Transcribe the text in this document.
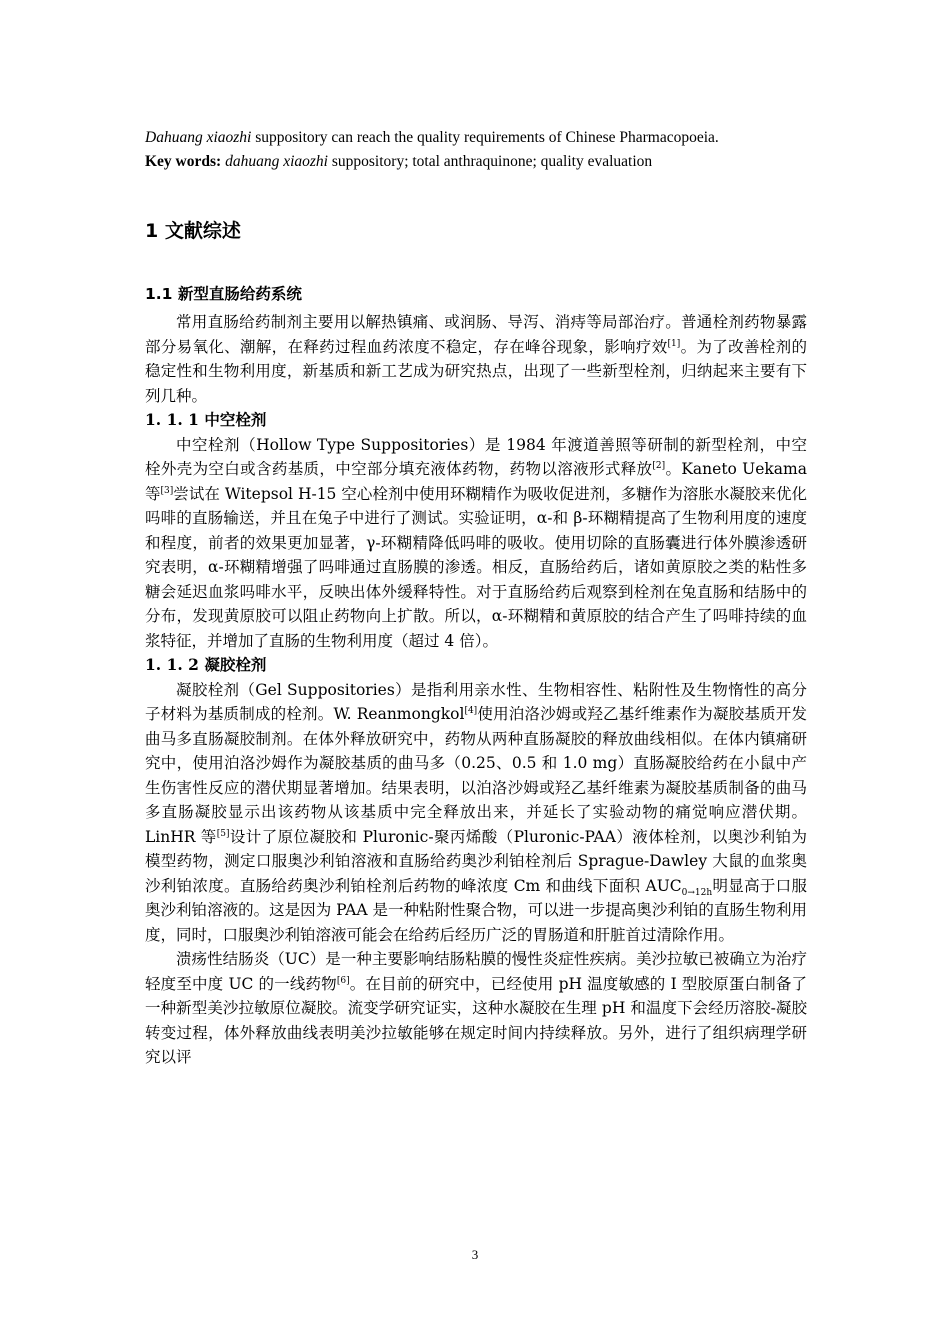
Dahuang xiaozhi suppository can reach the quality requirements of Chinese Pharmacopoeia.
Key words: dahuang xiaozhi suppository; total anthraquinone; quality evaluation
1 文献综述
1.1 新型直肠给药系统

常用直肠给药制剂主要用以解热镇痛、或润肠、导泻、消痔等局部治疗。普通栓剂药物暴露部分易氧化、潮解，在释药过程血药浓度不稳定，存在峰谷现象，影响疗效[1]。为了改善栓剂的稳定性和生物利用度，新基质和新工艺成为研究热点，出现了一些新型栓剂，归纳起来主要有下列几种。

1. 1. 1 中空栓剂

中空栓剂（Hollow Type Suppositories）是 1984 年渡道善照等研制的新型栓剂，中空栓外壳为空白或含药基质，中空部分填充液体药物，药物以溶液形式释放[2]。Kaneto Uekama 等[3]尝试在 Witepsol H-15 空心栓剂中使用环糊精作为吸收促进剂，多糖作为溶胀水凝胶来优化吗啡的直肠输送，并且在兔子中进行了测试。实验证明，α-和 β-环糊精提高了生物利用度的速度和程度，前者的效果更加显著，γ-环糊精降低吗啡的吸收。使用切除的直肠囊进行体外膜渗透研究表明，α-环糊精增强了吗啡通过直肠膜的渗透。相反，直肠给药后，诸如黄原胶之类的粘性多糖会延迟血浆吗啡水平，反映出体外缓释特性。对于直肠给药后观察到栓剂在兔直肠和结肠中的分布，发现黄原胶可以阻止药物向上扩散。所以，α-环糊精和黄原胶的结合产生了吗啡持续的血浆特征，并增加了直肠的生物利用度（超过 4 倍）。

1. 1. 2 凝胶栓剂

凝胶栓剂（Gel Suppositories）是指利用亲水性、生物相容性、粘附性及生物惰性的高分子材料为基质制成的栓剂。W. Reanmongkol[4]使用泊洛沙姆或羟乙基纤维素作为凝胶基质开发曲马多直肠凝胶制剂。在体外释放研究中，药物从两种直肠凝胶的释放曲线相似。在体内镇痛研究中，使用泊洛沙姆作为凝胶基质的曲马多（0.25、0.5 和 1.0 mg）直肠凝胶给药在小鼠中产生伤害性反应的潜伏期显著增加。结果表明，以泊洛沙姆或羟乙基纤维素为凝胶基质制备的曲马多直肠凝胶显示出该药物从该基质中完全释放出来，并延长了实验动物的痛觉响应潜伏期。LinHR 等[5]设计了原位凝胶和 Pluronic-聚丙烯酸（Pluronic-PAA）液体栓剂，以奥沙利铂为模型药物，测定口服奥沙利铂溶液和直肠给药奥沙利铂栓剂后 Sprague-Dawley 大鼠的血浆奥沙利铂浓度。直肠给药奥沙利铂栓剂后药物的峰浓度 Cm 和曲线下面积 $AUC_{0\to 12h}$明显高于口服奥沙利铂溶液的。这是因为 PAA 是一种粘附性聚合物，可以进一步提高奥沙利铂的直肠生物利用度，同时，口服奥沙利铂溶液可能会在给药后经历广泛的胃肠道和肝脏首过清除作用。

溃疡性结肠炎（UC）是一种主要影响结肠粘膜的慢性炎症性疾病。美沙拉敏已被确立为治疗轻度至中度 UC 的一线药物[6]。在目前的研究中，已经使用 pH 温度敏感的 I 型胶原蛋白制备了一种新型美沙拉敏原位凝胶。流变学研究证实，这种水凝胶在生理 pH 和温度下会经历溶胶-凝胶转变过程，体外释放曲线表明美沙拉敏能够在规定时间内持续释放。另外，进行了组织病理学研究以评

3
